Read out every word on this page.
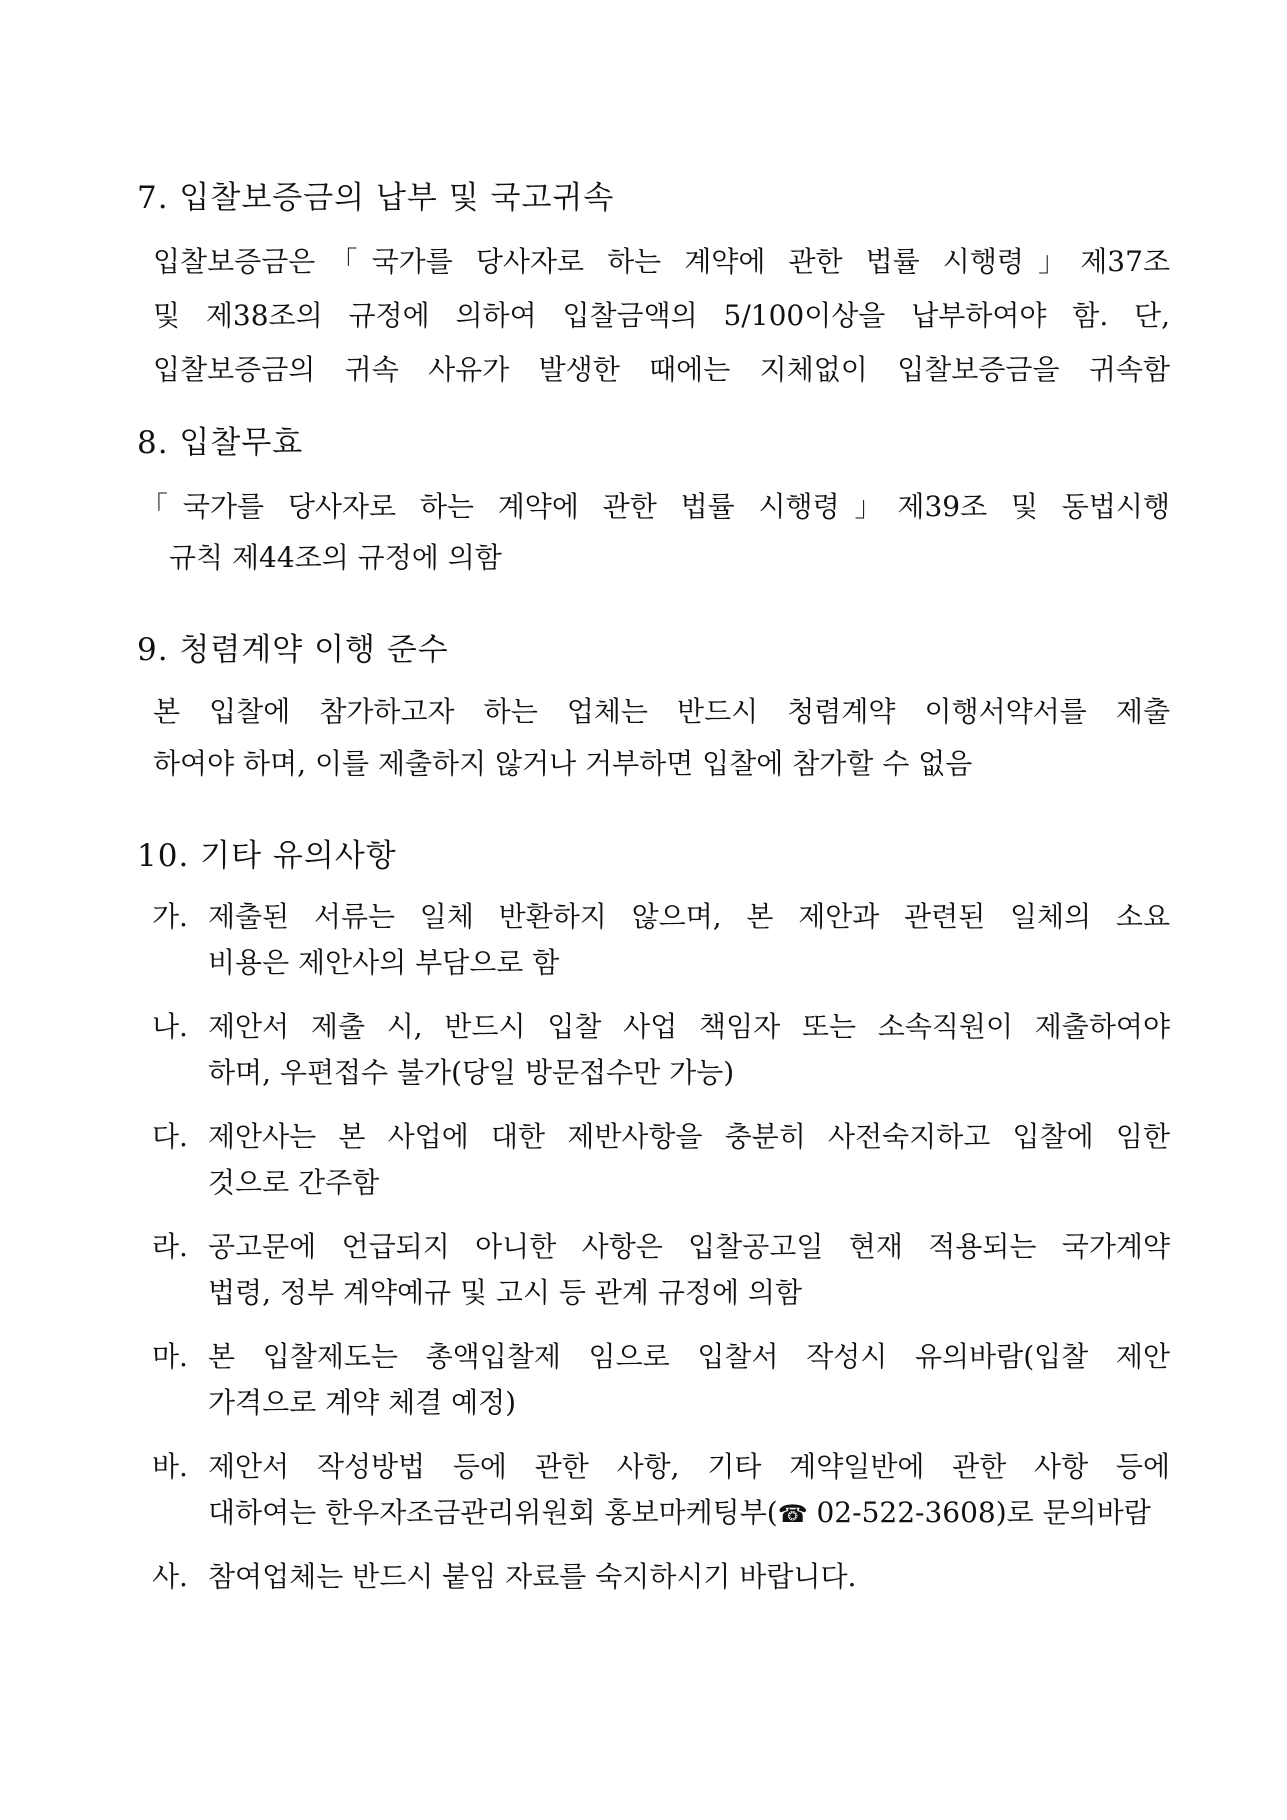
7. 입찰보증금의 납부 및 국고귀속
입찰보증금은「국가를 당사자로 하는 계약에 관한 법률 시행령」제37조
및 제38조의 규정에 의하여 입찰금액의 5/100이상을 납부하여야 함. 단,
입찰보증금의 귀속 사유가 발생한 때에는 지체없이 입찰보증금을 귀속함
8. 입찰무효
「국가를 당사자로 하는 계약에 관한 법률 시행령」제39조 및 동법시행
규칙 제44조의 규정에 의함
9. 청렴계약 이행 준수
본 입찰에 참가하고자 하는 업체는 반드시 청렴계약 이행서약서를 제출
하여야 하며, 이를 제출하지 않거나 거부하면 입찰에 참가할 수 없음
10. 기타 유의사항
가. 제출된 서류는 일체 반환하지 않으며, 본 제안과 관련된 일체의 소요
비용은 제안사의 부담으로 함
나. 제안서 제출 시, 반드시 입찰 사업 책임자 또는 소속직원이 제출하여야
하며, 우편접수 불가(당일 방문접수만 가능)
다. 제안사는 본 사업에 대한 제반사항을 충분히 사전숙지하고 입찰에 임한
것으로 간주함
라. 공고문에 언급되지 아니한 사항은 입찰공고일 현재 적용되는 국가계약
법령, 정부 계약예규 및 고시 등 관계 규정에 의함
마. 본 입찰제도는 총액입찰제 임으로 입찰서 작성시 유의바람(입찰 제안
가격으로 계약 체결 예정)
바. 제안서 작성방법 등에 관한 사항, 기타 계약일반에 관한 사항 등에
대하여는 한우자조금관리위원회 홍보마케팅부(☎ 02-522-3608)로 문의바람
사. 참여업체는 반드시 붙임 자료를 숙지하시기 바랍니다.
